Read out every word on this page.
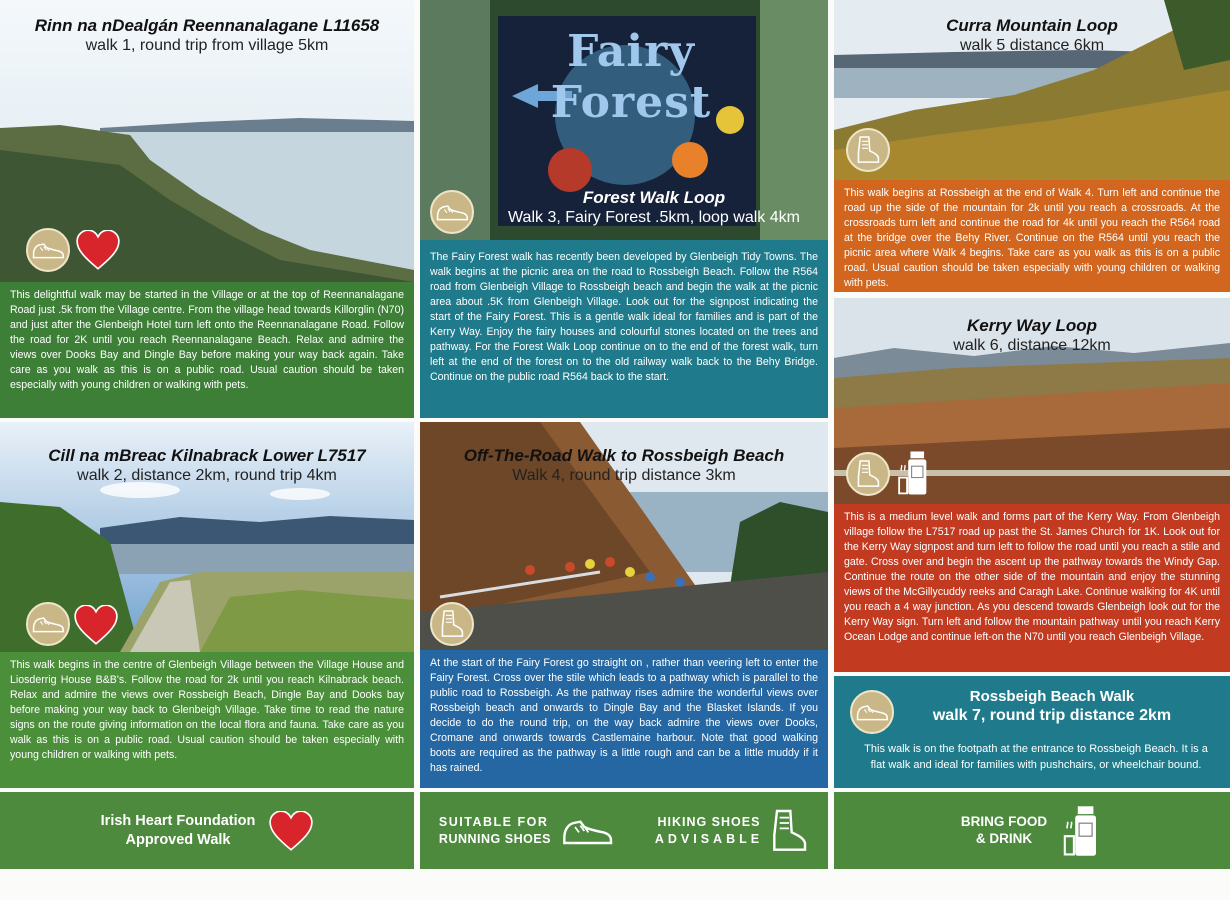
Rinn na nDealgán Reennanalagane L11658
walk 1, round trip from village 5km
This delightful walk may be started in the Village or at the top of Reennanalagane Road just .5k from the Village centre. From the village head towards Killorglin (N70) and just after the Glenbeigh Hotel turn left onto the Reennanalagane Road. Follow the road for 2K until you reach Reennanalagane Beach. Relax and admire the views over Dooks Bay and Dingle Bay before making your way back again. Take care as you walk as this is on a public road. Usual caution should be taken especially with young children or walking with pets.
Cill na mBreac Kilnabrack Lower L7517
walk 2, distance 2km, round trip 4km
This walk begins in the centre of Glenbeigh Village between the Village House and Liosderrig House B&B's. Follow the road for 2k until you reach Kilnabrack beach. Relax and admire the views over Rossbeigh Beach, Dingle Bay and Dooks bay before making your way back to Glenbeigh Village. Take time to read the nature signs on the route giving information on the local flora and fauna. Take care as you walk as this is on a public road. Usual caution should be taken especially with young children or walking with pets.
Fairy Forest
Forest Walk Loop
Walk 3, Fairy Forest .5km, loop walk 4km
The Fairy Forest walk has recently been developed by Glenbeigh Tidy Towns. The walk begins at the picnic area on the road to Rossbeigh Beach. Follow the R564 road from Glenbeigh Village to Rossbeigh beach and begin the walk at the picnic area about .5K from Glenbeigh Village. Look out for the signpost indicating the start of the Fairy Forest. This is a gentle walk ideal for families and is part of the Kerry Way. Enjoy the fairy houses and colourful stones located on the trees and pathway. For the Forest Walk Loop continue on to the end of the forest walk, turn left at the end of the forest on to the old railway walk back to the Behy Bridge. Continue on the public road R564 back to the start.
Off-The-Road Walk to Rossbeigh Beach
Walk 4, round trip distance 3km
At the start of the Fairy Forest go straight on , rather than veering left to enter the Fairy Forest. Cross over the stile which leads to a pathway which is parallel to the public road to Rossbeigh. As the pathway rises admire the wonderful views over Rossbeigh beach and onwards to Dingle Bay and the Blasket Islands. If you decide to do the round trip, on the way back admire the views over Dooks, Cromane and onwards towards Castlemaine harbour. Note that good walking boots are required as the pathway is a little rough and can be a little muddy if it has rained.
Curra Mountain Loop
walk 5 distance 6km
This walk begins at Rossbeigh at the end of Walk 4. Turn left and continue the road up the side of the mountain for 2k until you reach a crossroads. At the crossroads turn left and continue the road for 4k until you reach the R564 road at the bridge over the Behy River. Continue on the R564 until you reach the picnic area where Walk 4 begins. Take care as you walk as this is on a public road. Usual caution should be taken especially with young children or walking with pets.
Kerry Way Loop
walk 6, distance 12km
This is a medium level walk and forms part of the Kerry Way. From Glenbeigh village follow the L7517 road up past the St. James Church for 1K. Look out for the Kerry Way signpost and turn left to follow the road until you reach a stile and gate. Cross over and begin the ascent up the pathway towards the Windy Gap. Continue the route on the other side of the mountain and enjoy the stunning views of the McGillycuddy reeks and Caragh Lake. Continue walking for 4K until you reach a 4 way junction. As you descend towards Glenbeigh look out for the Kerry Way sign. Turn left and follow the mountain pathway until you reach Kerry Ocean Lodge and continue left-on the N70 until you reach Glenbeigh Village.
Rossbeigh Beach Walk
walk 7, round trip distance 2km
This walk is on the footpath at the entrance to Rossbeigh Beach. It is a flat walk and ideal for families with pushchairs, or wheelchair bound.
Irish Heart Foundation
Approved Walk
SUITABLE FOR
RUNNING SHOES
HIKING SHOES
ADVISABLE
BRING FOOD
& DRINK
